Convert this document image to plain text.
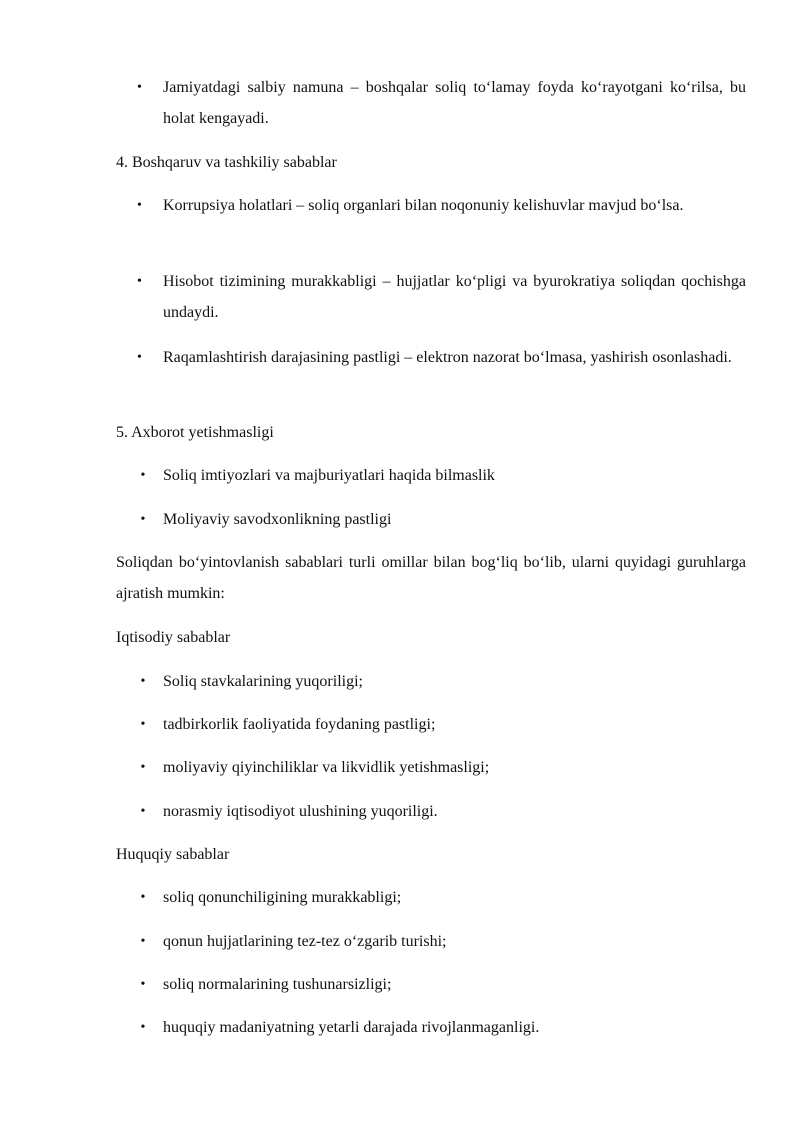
•	Jamiyatdagi salbiy namuna – boshqalar soliq to‘lamay foyda ko‘rayotgani ko‘rilsa, bu holat kengayadi.

4. Boshqaruv va tashkiliy sabablar

•	Korrupsiya holatlari – soliq organlari bilan noqonuniy kelishuvlar mavjud bo‘lsa.
•	Hisobot tizimining murakkabligi – hujjatlar ko‘pligi va byurokratiya soliqdan qochishga undaydi.
•	Raqamlashtirish darajasining pastligi – elektron nazorat bo‘lmasa, yashirish osonlashadi.

5. Axborot yetishmasligi

• Soliq imtiyozlari va majburiyatlari haqida bilmaslik
• Moliyaviy savodxonlikning pastligi

Soliqdan bo‘yintovlanish sabablari turli omillar bilan bog‘liq bo‘lib, ularni quyidagi guruhlarga ajratish mumkin:

Iqtisodiy sabablar

• Soliq stavkalarining yuqoriligi;
• tadbirkorlik faoliyatida foydaning pastligi;
• moliyaviy qiyinchiliklar va likvidlik yetishmasligi;
• norasmiy iqtisodiyot ulushining yuqoriligi.

Huquqiy sabablar

• soliq qonunchiligining murakkabligi;
• qonun hujjatlarining tez-tez o‘zgarib turishi;
• soliq normalarining tushunarsizligi;
• huquqiy madaniyatning yetarli darajada rivojlanmaganligi.
